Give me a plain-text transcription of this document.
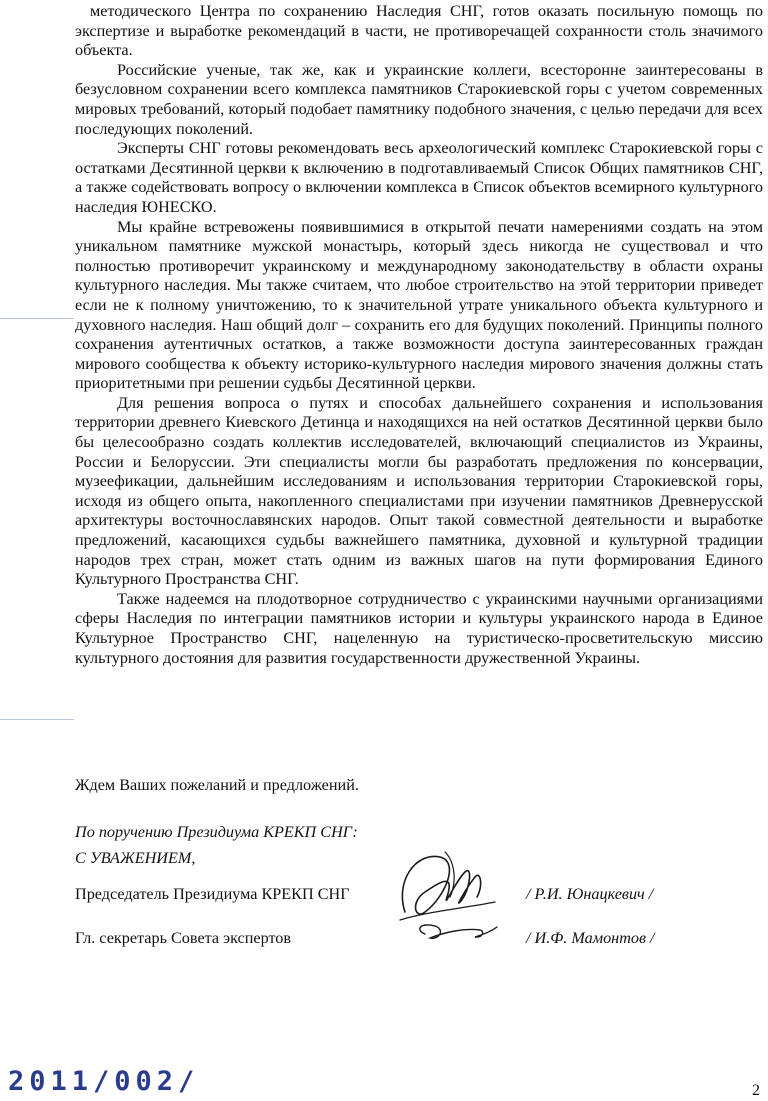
методического Центра по сохранению Наследия СНГ, готов оказать посильную помощь по экспертизе и выработке рекомендаций в части, не противоречащей сохранности столь значимого объекта.

Российские ученые, так же, как и украинские коллеги, всесторонне заинтересованы в безусловном сохранении всего комплекса памятников Старокиевской горы с учетом современных мировых требований, который подобает памятнику подобного значения, с целью передачи для всех последующих поколений.

Эксперты СНГ готовы рекомендовать весь археологический комплекс Старокиевской горы с остатками Десятинной церкви к включению в подготавливаемый Список Общих памятников СНГ, а также содействовать вопросу о включении комплекса в Список объектов всемирного культурного наследия ЮНЕСКО.

Мы крайне встревожены появившимися в открытой печати намерениями создать на этом уникальном памятнике мужской монастырь, который здесь никогда не существовал и что полностью противоречит украинскому и международному законодательству в области охраны культурного наследия. Мы также считаем, что любое строительство на этой территории приведет если не к полному уничтожению, то к значительной утрате уникального объекта культурного и духовного наследия. Наш общий долг – сохранить его для будущих поколений. Принципы полного сохранения аутентичных остатков, а также возможности доступа заинтересованных граждан мирового сообщества к объекту историко-культурного наследия мирового значения должны стать приоритетными при решении судьбы Десятинной церкви.

Для решения вопроса о путях и способах дальнейшего сохранения и использования территории древнего Киевского Детинца и находящихся на ней остатков Десятинной церкви было бы целесообразно создать коллектив исследователей, включающий специалистов из Украины, России и Белоруссии. Эти специалисты могли бы разработать предложения по консервации, музеефикации, дальнейшим исследованиям и использования территории Старокиевской горы, исходя из общего опыта, накопленного специалистами при изучении памятников Древнерусской архитектуры восточнославянских народов. Опыт такой совместной деятельности и выработке предложений, касающихся судьбы важнейшего памятника, духовной и культурной традиции народов трех стран, может стать одним из важных шагов на пути формирования Единого Культурного Пространства СНГ.

Также надеемся на плодотворное сотрудничество с украинскими научными организациями сферы Наследия по интеграции памятников истории и культуры украинского народа в Единое Культурное Пространство СНГ, нацеленную на туристическо-просветительскую миссию культурного достояния для развития государственности дружественной Украины.

Ждем Ваших пожеланий и предложений.
По поручению Президиума КРЕКП СНГ:
С УВАЖЕНИЕМ,
Председатель Президиума КРЕКП СНГ	/ Р.И. Юнацкевич /
Гл. секретарь Совета экспертов	/ И.Ф. Мамонтов /
2011/002/	2
